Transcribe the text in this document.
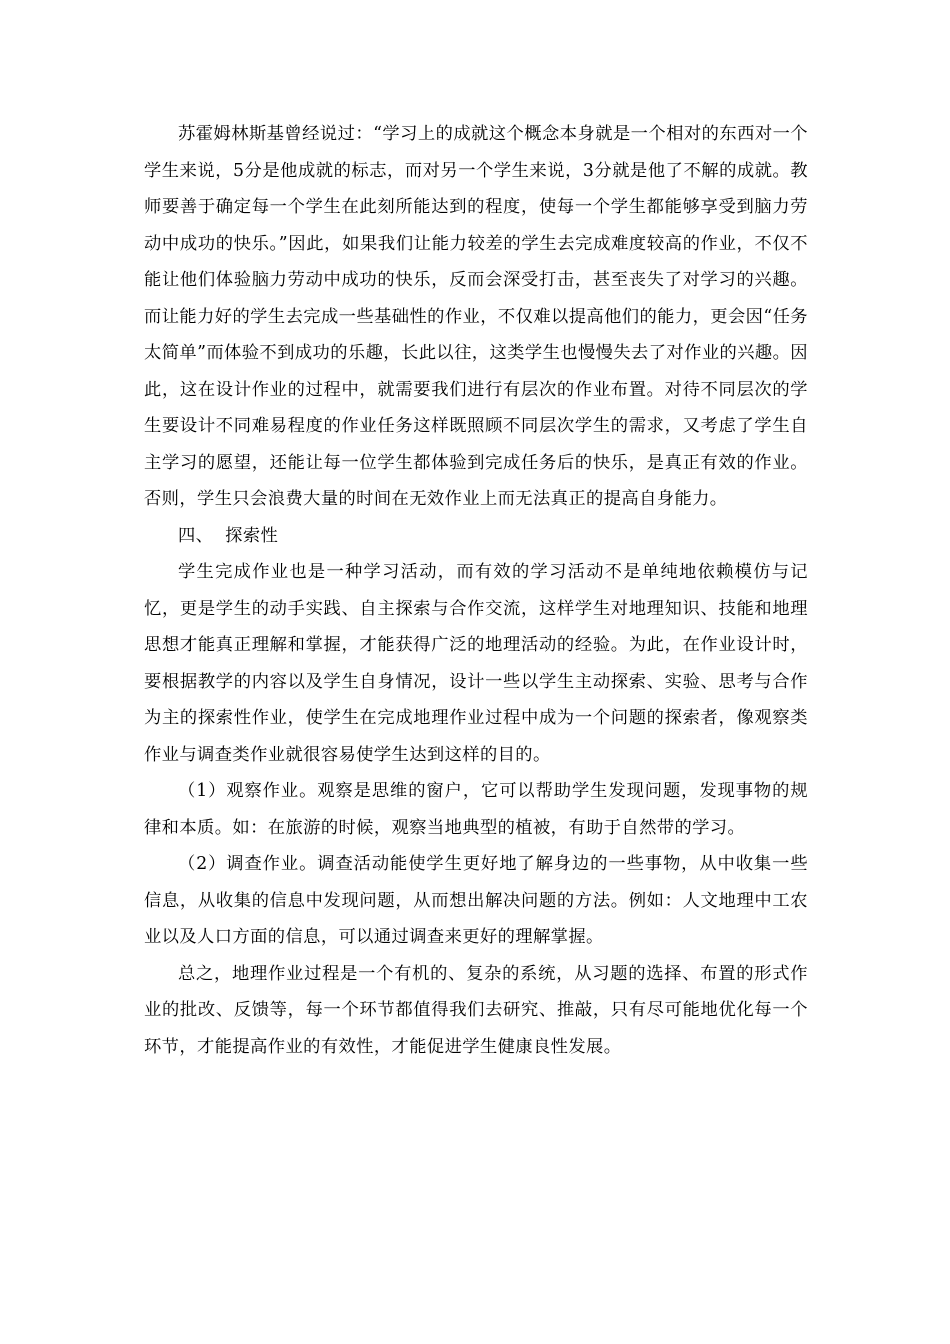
苏霍姆林斯基曾经说过：“学习上的成就这个概念本身就是一个相对的东西对一个学生来说，5分是他成就的标志，而对另一个学生来说，3分就是他了不解的成就。教师要善于确定每一个学生在此刻所能达到的程度，使每一个学生都能够享受到脑力劳动中成功的快乐。”因此，如果我们让能力较差的学生去完成难度较高的作业，不仅不能让他们体验脑力劳动中成功的快乐，反而会深受打击，甚至丧失了对学习的兴趣。而让能力好的学生去完成一些基础性的作业，不仅难以提高他们的能力，更会因“任务太简单”而体验不到成功的乐趣，长此以往，这类学生也慢慢失去了对作业的兴趣。因此，这在设计作业的过程中，就需要我们进行有层次的作业布置。对待不同层次的学生要设计不同难易程度的作业任务这样既照顾不同层次学生的需求，又考虑了学生自主学习的愿望，还能让每一位学生都体验到完成任务后的快乐，是真正有效的作业。否则，学生只会浪费大量的时间在无效作业上而无法真正的提高自身能力。

四、  探索性

学生完成作业也是一种学习活动，而有效的学习活动不是单纯地依赖模仿与记忆，更是学生的动手实践、自主探索与合作交流，这样学生对地理知识、技能和地理思想才能真正理解和掌握，才能获得广泛的地理活动的经验。为此，在作业设计时，要根据教学的内容以及学生自身情况，设计一些以学生主动探索、实验、思考与合作为主的探索性作业，使学生在完成地理作业过程中成为一个问题的探索者，像观察类作业与调查类作业就很容易使学生达到这样的目的。

（1）观察作业。观察是思维的窗户，它可以帮助学生发现问题，发现事物的规律和本质。如：在旅游的时候，观察当地典型的植被，有助于自然带的学习。

（2）调查作业。调查活动能使学生更好地了解身边的一些事物，从中收集一些信息，从收集的信息中发现问题，从而想出解决问题的方法。例如：人文地理中工农业以及人口方面的信息，可以通过调查来更好的理解掌握。

总之，地理作业过程是一个有机的、复杂的系统，从习题的选择、布置的形式作业的批改、反馈等，每一个环节都值得我们去研究、推敲，只有尽可能地优化每一个环节，才能提高作业的有效性，才能促进学生健康良性发展。
